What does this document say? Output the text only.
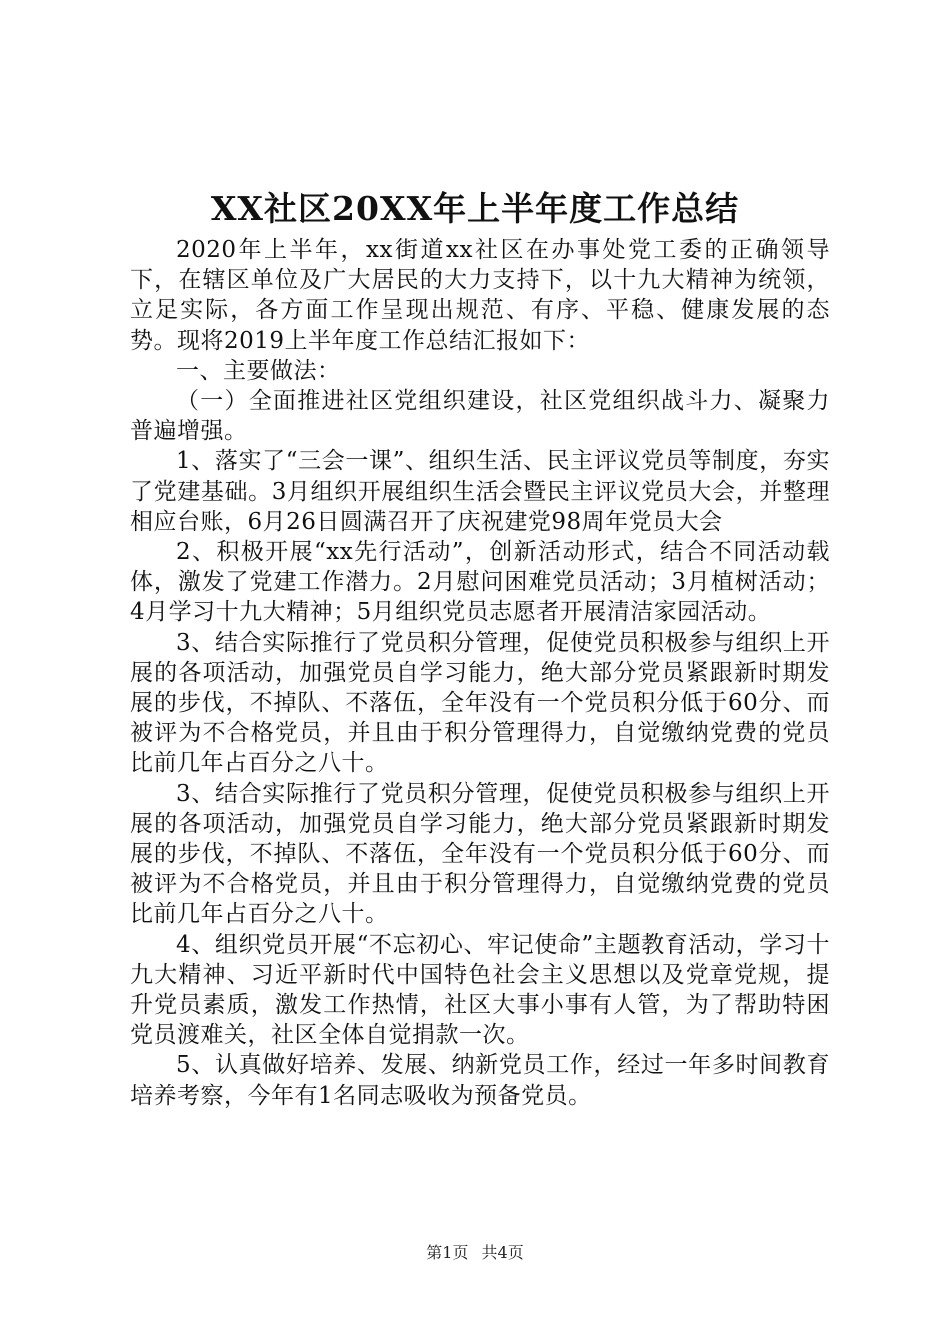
XX社区20XX年上半年度工作总结

2020年上半年，xx街道xx社区在办事处党工委的正确领导下，在辖区单位及广大居民的大力支持下，以十九大精神为统领，立足实际，各方面工作呈现出规范、有序、平稳、健康发展的态势。现将2019上半年度工作总结汇报如下：

一、主要做法：

（一）全面推进社区党组织建设，社区党组织战斗力、凝聚力普遍增强。

1、落实了“三会一课”、组织生活、民主评议党员等制度，夯实了党建基础。3月组织开展组织生活会暨民主评议党员大会，并整理相应台账，6月26日圆满召开了庆祝建党98周年党员大会

2、积极开展“xx先行活动”，创新活动形式，结合不同活动载体，激发了党建工作潜力。2月慰问困难党员活动；3月植树活动；4月学习十九大精神；5月组织党员志愿者开展清洁家园活动。

3、结合实际推行了党员积分管理，促使党员积极参与组织上开展的各项活动，加强党员自学习能力，绝大部分党员紧跟新时期发展的步伐，不掉队、不落伍，全年没有一个党员积分低于60分、而被评为不合格党员，并且由于积分管理得力，自觉缴纳党费的党员比前几年占百分之八十。

3、结合实际推行了党员积分管理，促使党员积极参与组织上开展的各项活动，加强党员自学习能力，绝大部分党员紧跟新时期发展的步伐，不掉队、不落伍，全年没有一个党员积分低于60分、而被评为不合格党员，并且由于积分管理得力，自觉缴纳党费的党员比前几年占百分之八十。

4、组织党员开展“不忘初心、牢记使命”主题教育活动，学习十九大精神、习近平新时代中国特色社会主义思想以及党章党规，提升党员素质，激发工作热情，社区大事小事有人管，为了帮助特困党员渡难关，社区全体自觉捐款一次。

5、认真做好培养、发展、纳新党员工作，经过一年多时间教育培养考察，今年有1名同志吸收为预备党员。

第1页 共4页
